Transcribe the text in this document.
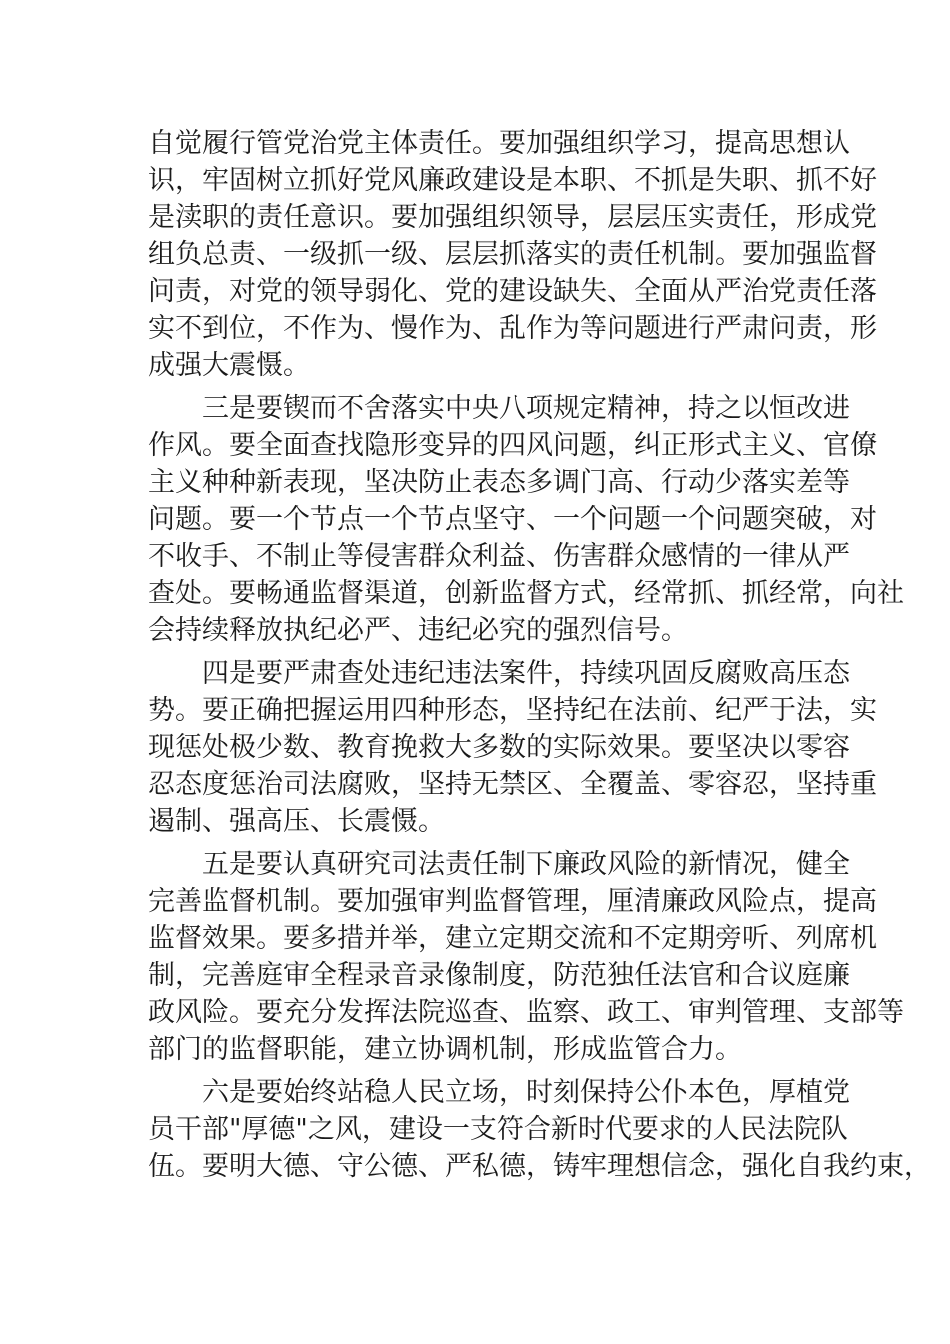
自觉履行管党治党主体责任。要加强组织学习，提高思想认
识，牢固树立抓好党风廉政建设是本职、不抓是失职、抓不好
是渎职的责任意识。要加强组织领导，层层压实责任，形成党
组负总责、一级抓一级、层层抓落实的责任机制。要加强监督
问责，对党的领导弱化、党的建设缺失、全面从严治党责任落
实不到位，不作为、慢作为、乱作为等问题进行严肃问责，形
成强大震慑。
三是要锲而不舍落实中央八项规定精神，持之以恒改进
作风。要全面查找隐形变异的四风问题，纠正形式主义、官僚
主义种种新表现，坚决防止表态多调门高、行动少落实差等
问题。要一个节点一个节点坚守、一个问题一个问题突破，对
不收手、不制止等侵害群众利益、伤害群众感情的一律从严
查处。要畅通监督渠道，创新监督方式，经常抓、抓经常，向社
会持续释放执纪必严、违纪必究的强烈信号。
四是要严肃查处违纪违法案件，持续巩固反腐败高压态
势。要正确把握运用四种形态，坚持纪在法前、纪严于法，实
现惩处极少数、教育挽救大多数的实际效果。要坚决以零容
忍态度惩治司法腐败，坚持无禁区、全覆盖、零容忍，坚持重
遏制、强高压、长震慑。
五是要认真研究司法责任制下廉政风险的新情况，健全
完善监督机制。要加强审判监督管理，厘清廉政风险点，提高
监督效果。要多措并举，建立定期交流和不定期旁听、列席机
制，完善庭审全程录音录像制度，防范独任法官和合议庭廉
政风险。要充分发挥法院巡查、监察、政工、审判管理、支部等
部门的监督职能，建立协调机制，形成监管合力。
六是要始终站稳人民立场，时刻保持公仆本色，厚植党
员干部"厚德"之风，建设一支符合新时代要求的人民法院队
伍。要明大德、守公德、严私德，铸牢理想信念，强化自我约束，
